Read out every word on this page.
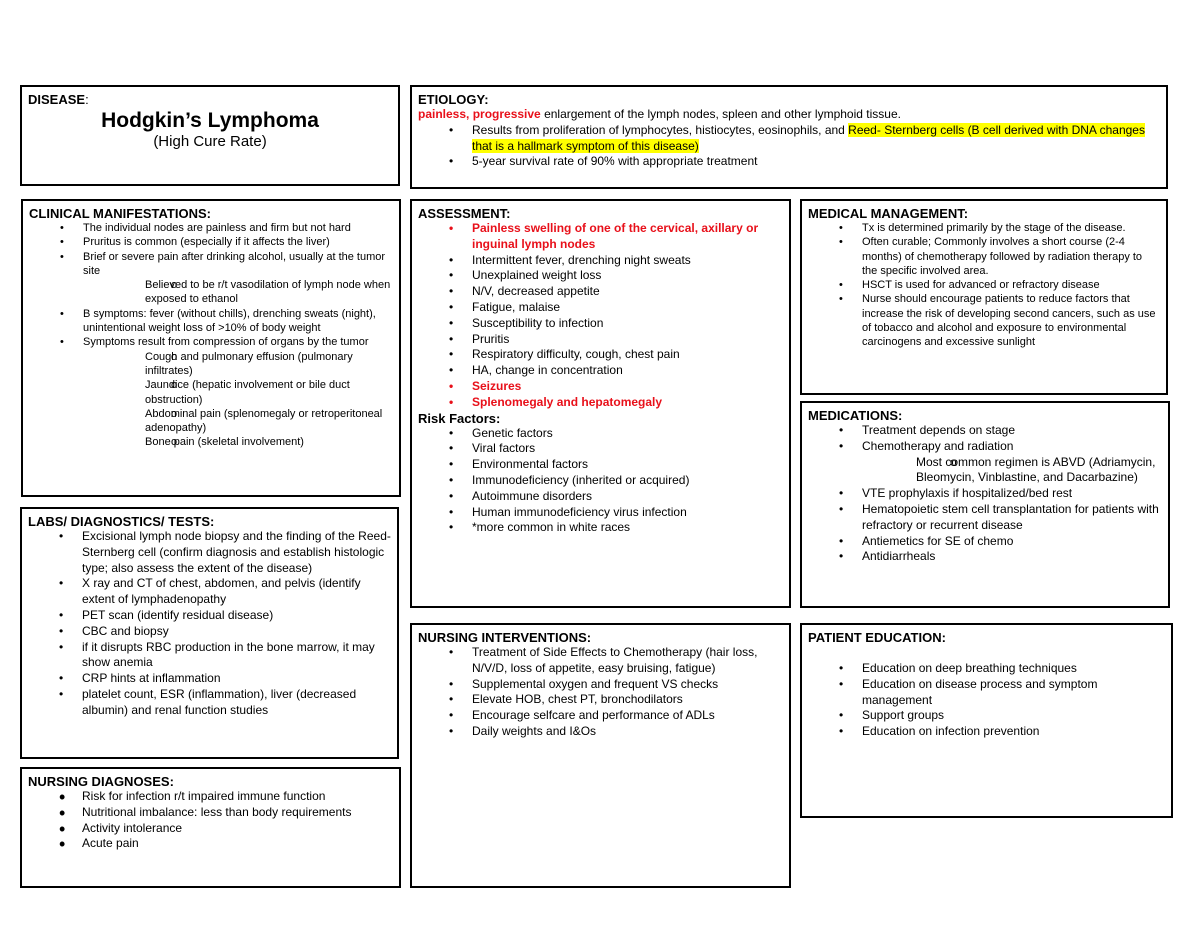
DISEASE:
Hodgkin’s Lymphoma
(High Cure Rate)
ETIOLOGY:
painless, progressive enlargement of the lymph nodes, spleen and other lymphoid tissue.
• Results from proliferation of lymphocytes, histiocytes, eosinophils, and Reed- Sternberg cells (B cell derived with DNA changes that is a hallmark symptom of this disease)
• 5-year survival rate of 90% with appropriate treatment
CLINICAL MANIFESTATIONS:
• The individual nodes are painless and firm but not hard
• Pruritus is common (especially if it affects the liver)
• Brief or severe pain after drinking alcohol, usually at the tumor site
o Believed to be r/t vasodilation of lymph node when exposed to ethanol
• B symptoms: fever (without chills), drenching sweats (night), unintentional weight loss of >10% of body weight
• Symptoms result from compression of organs by the tumor
o Cough and pulmonary effusion (pulmonary infiltrates)
o Jaundice (hepatic involvement or bile duct obstruction)
o Abdominal pain (splenomegaly or retroperitoneal adenopathy)
o Bone pain (skeletal involvement)
ASSESSMENT:
• Painless swelling of one of the cervical, axillary or inguinal lymph nodes
• Intermittent fever, drenching night sweats
• Unexplained weight loss
• N/V, decreased appetite
• Fatigue, malaise
• Susceptibility to infection
• Pruritis
• Respiratory difficulty, cough, chest pain
• HA, change in concentration
• Seizures
• Splenomegaly and hepatomegaly
Risk Factors:
• Genetic factors
• Viral factors
• Environmental factors
• Immunodeficiency (inherited or acquired)
• Autoimmune disorders
• Human immunodeficiency virus infection
• *more common in white races
MEDICAL MANAGEMENT:
• Tx is determined primarily by the stage of the disease.
• Often curable; Commonly involves a short course (2-4 months) of chemotherapy followed by radiation therapy to the specific involved area.
• HSCT is used for advanced or refractory disease
• Nurse should encourage patients to reduce factors that increase the risk of developing second cancers, such as use of tobacco and alcohol and exposure to environmental carcinogens and excessive sunlight
MEDICATIONS:
• Treatment depends on stage
• Chemotherapy and radiation
o Most common regimen is ABVD (Adriamycin, Bleomycin, Vinblastine, and Dacarbazine)
• VTE prophylaxis if hospitalized/bed rest
• Hematopoietic stem cell transplantation for patients with refractory or recurrent disease
• Antiemetics for SE of chemo
• Antidiarrheals
LABS/ DIAGNOSTICS/ TESTS:
• Excisional lymph node biopsy and the finding of the Reed-Sternberg cell (confirm diagnosis and establish histologic type; also assess the extent of the disease)
• X ray and CT of chest, abdomen, and pelvis (identify extent of lymphadenopathy
• PET scan (identify residual disease)
• CBC and biopsy
• if it disrupts RBC production in the bone marrow, it may show anemia
• CRP hints at inflammation
• platelet count, ESR (inflammation), liver (decreased albumin) and renal function studies
NURSING INTERVENTIONS:
• Treatment of Side Effects to Chemotherapy (hair loss, N/V/D, loss of appetite, easy bruising, fatigue)
• Supplemental oxygen and frequent VS checks
• Elevate HOB, chest PT, bronchodilators
• Encourage selfcare and performance of ADLs
• Daily weights and I&Os
PATIENT EDUCATION:
• Education on deep breathing techniques
• Education on disease process and symptom management
• Support groups
• Education on infection prevention
NURSING DIAGNOSES:
• Risk for infection r/t impaired immune function
• Nutritional imbalance: less than body requirements
• Activity intolerance
• Acute pain
